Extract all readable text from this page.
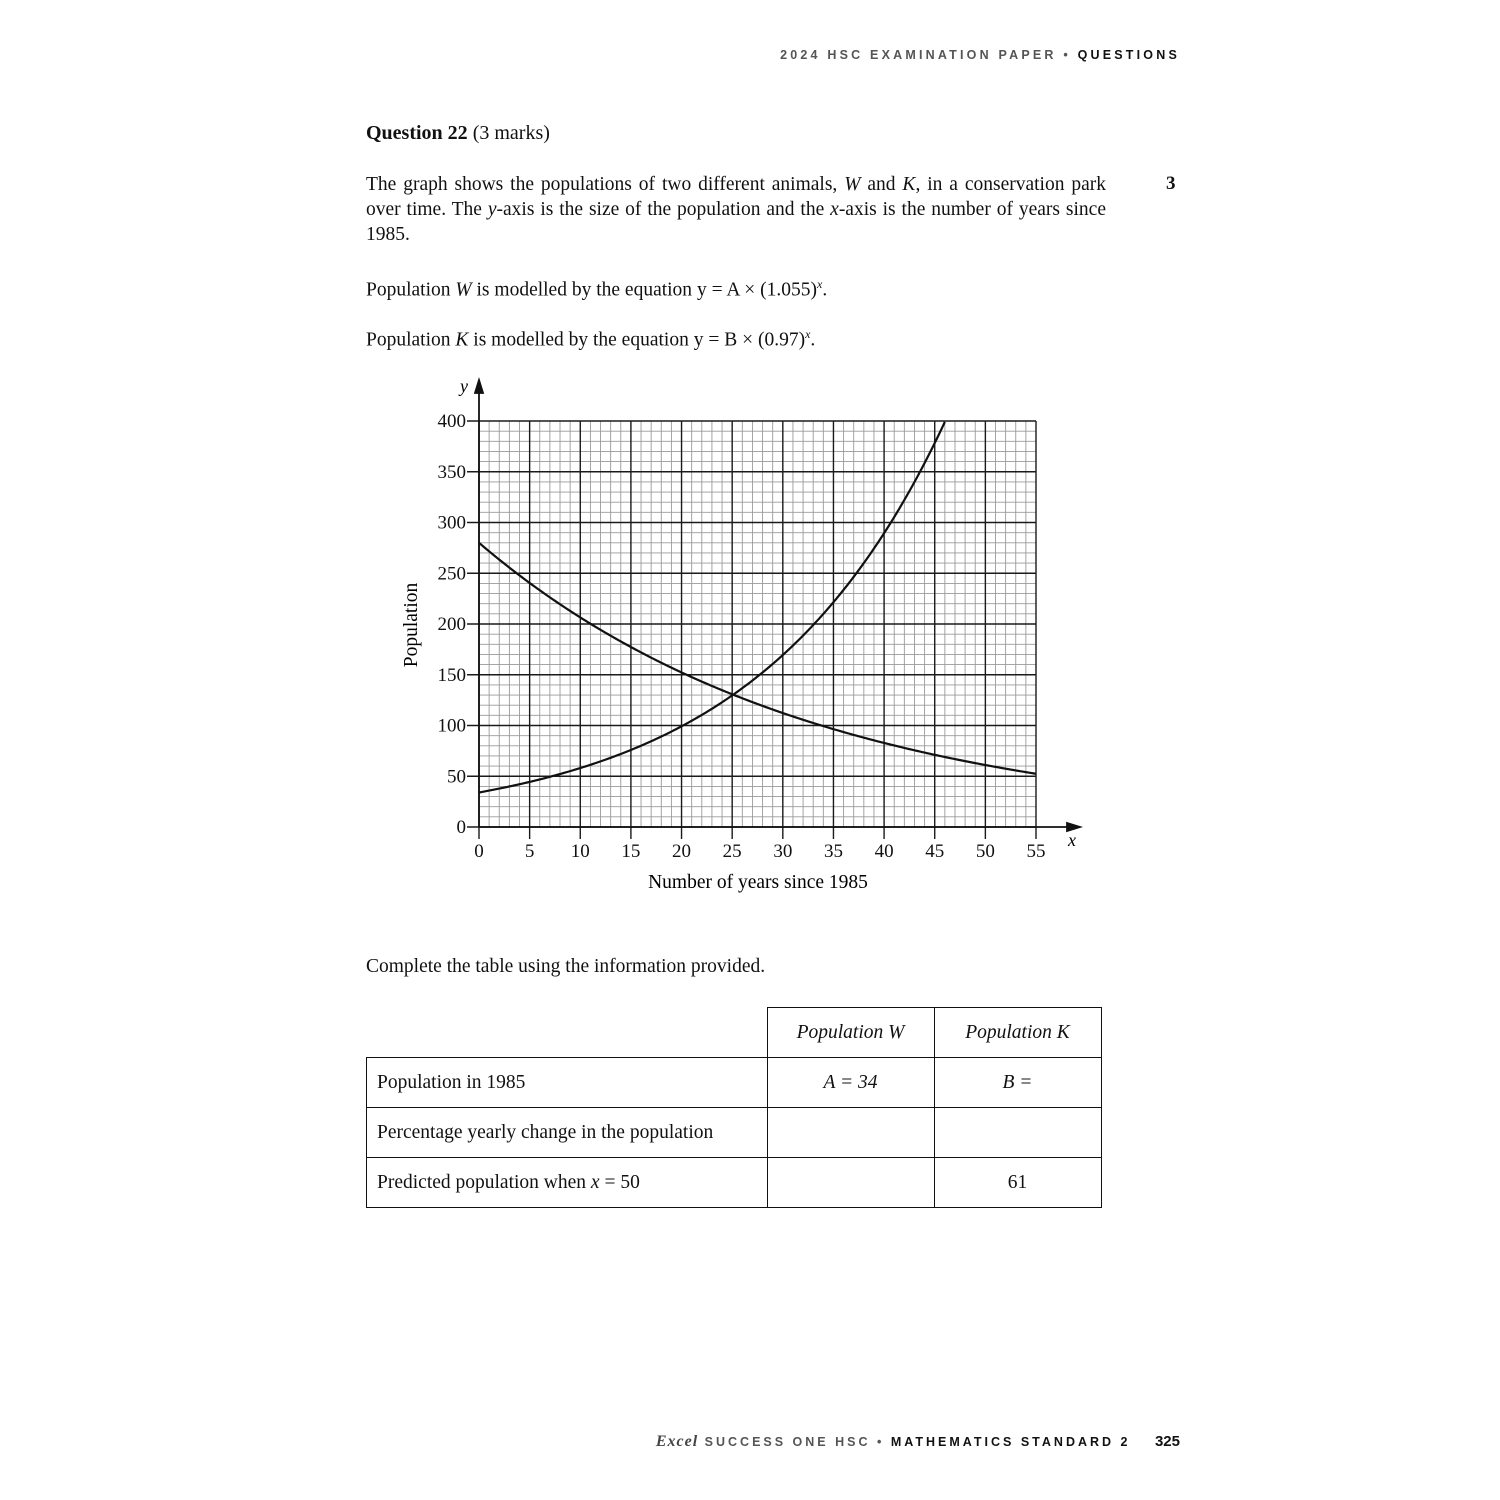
2024 HSC EXAMINATION PAPER • QUESTIONS
Question 22 (3 marks)
3
The graph shows the populations of two different animals, W and K, in a conservation park over time. The y-axis is the size of the population and the x-axis is the number of years since 1985.
Population W is modelled by the equation $y = A \times (1.055)^x$.
Population K is modelled by the equation $y = B \times (0.97)^x$.
0 5 10 15 20 25 30 35 40 45 50 55
0
50
100
150
200
250
300
350
400
Number of years since 1985
Population
x
y
Complete the table using the information provided.
	Population W	Population K
Population in 1985	A = 34	B =
Percentage yearly change in the population		
Predicted population when x = 50		61
Excel SUCCESS ONE HSC • MATHEMATICS STANDARD 2 325
